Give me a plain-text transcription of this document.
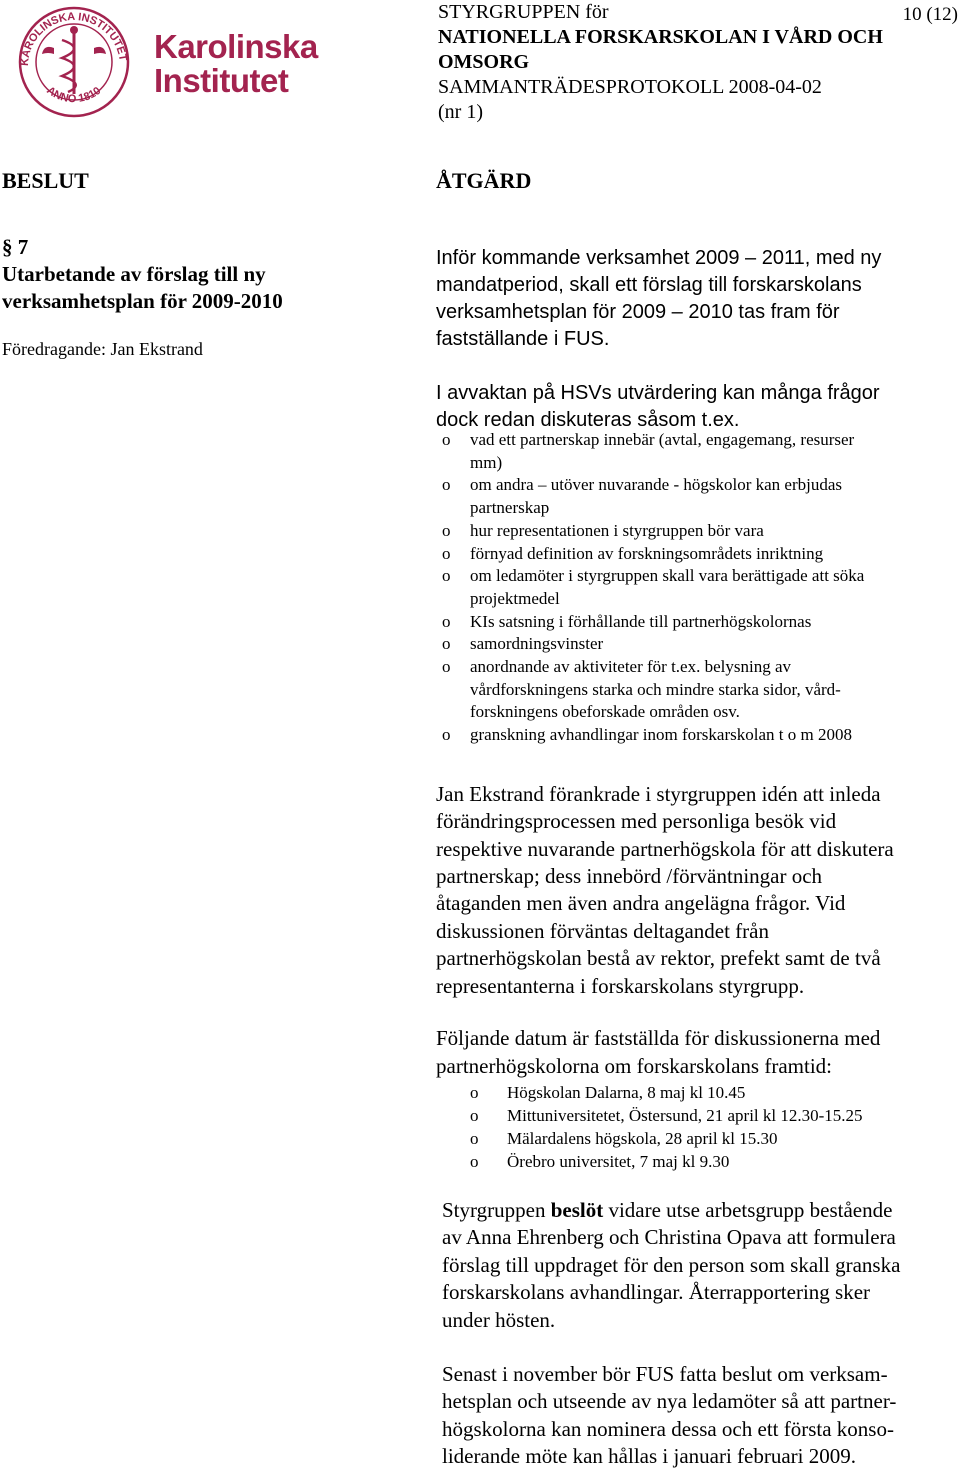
KAROLINSKA INSTITUTET
ANNO 1810
Karolinska
Institutet
STYRGRUPPEN för
NATIONELLA FORSKARSKOLAN I VÅRD OCH
OMSORG
SAMMANTRÄDESPROTOKOLL 2008-04-02
(nr 1)
10 (12)
BESLUT
§ 7
Utarbetande av förslag till ny
verksamhetsplan för 2009-2010
Föredragande: Jan Ekstrand
ÅTGÄRD
Inför kommande verksamhet 2009 – 2011, med ny
mandatperiod, skall ett förslag till forskarskolans
verksamhetsplan för 2009 – 2010 tas fram för
fastställande i FUS.
I avvaktan på HSVs utvärdering kan många frågor
dock redan diskuteras såsom t.ex.
o vad ett partnerskap innebär (avtal, engagemang, resurser
mm)
o om andra – utöver nuvarande - högskolor kan erbjudas
partnerskap
o hur representationen i styrgruppen bör vara
o förnyad definition av forskningsområdets inriktning
o om ledamöter i styrgruppen skall vara berättigade att söka
projektmedel
o KIs satsning i förhållande till partnerhögskolornas
o samordningsvinster
o anordnande av aktiviteter för t.ex. belysning av
vårdforskningens starka och mindre starka sidor, vård-
forskningens obeforskade områden osv.
o granskning avhandlingar inom forskarskolan t o m 2008
Jan Ekstrand förankrade i styrgruppen idén att inleda
förändringsprocessen med personliga besök vid
respektive nuvarande partnerhögskola för att diskutera
partnerskap; dess innebörd /förväntningar och
åtaganden men även andra angelägna frågor. Vid
diskussionen förväntas deltagandet från
partnerhögskolan bestå av rektor, prefekt samt de två
representanterna i forskarskolans styrgrupp.
Följande datum är fastställda för diskussionerna med
partnerhögskolorna om forskarskolans framtid:
o Högskolan Dalarna, 8 maj kl 10.45
o Mittuniversitetet, Östersund, 21 april kl 12.30-15.25
o Mälardalens högskola, 28 april kl 15.30
o Örebro universitet, 7 maj kl 9.30
Styrgruppen beslöt vidare utse arbetsgrupp bestående
av Anna Ehrenberg och Christina Opava att formulera
förslag till uppdraget för den person som skall granska
forskarskolans avhandlingar. Återrapportering sker
under hösten.
Senast i november bör FUS fatta beslut om verksam-
hetsplan och utseende av nya ledamöter så att partner-
högskolorna kan nominera dessa och ett första konso-
liderande möte kan hållas i januari februari 2009.
